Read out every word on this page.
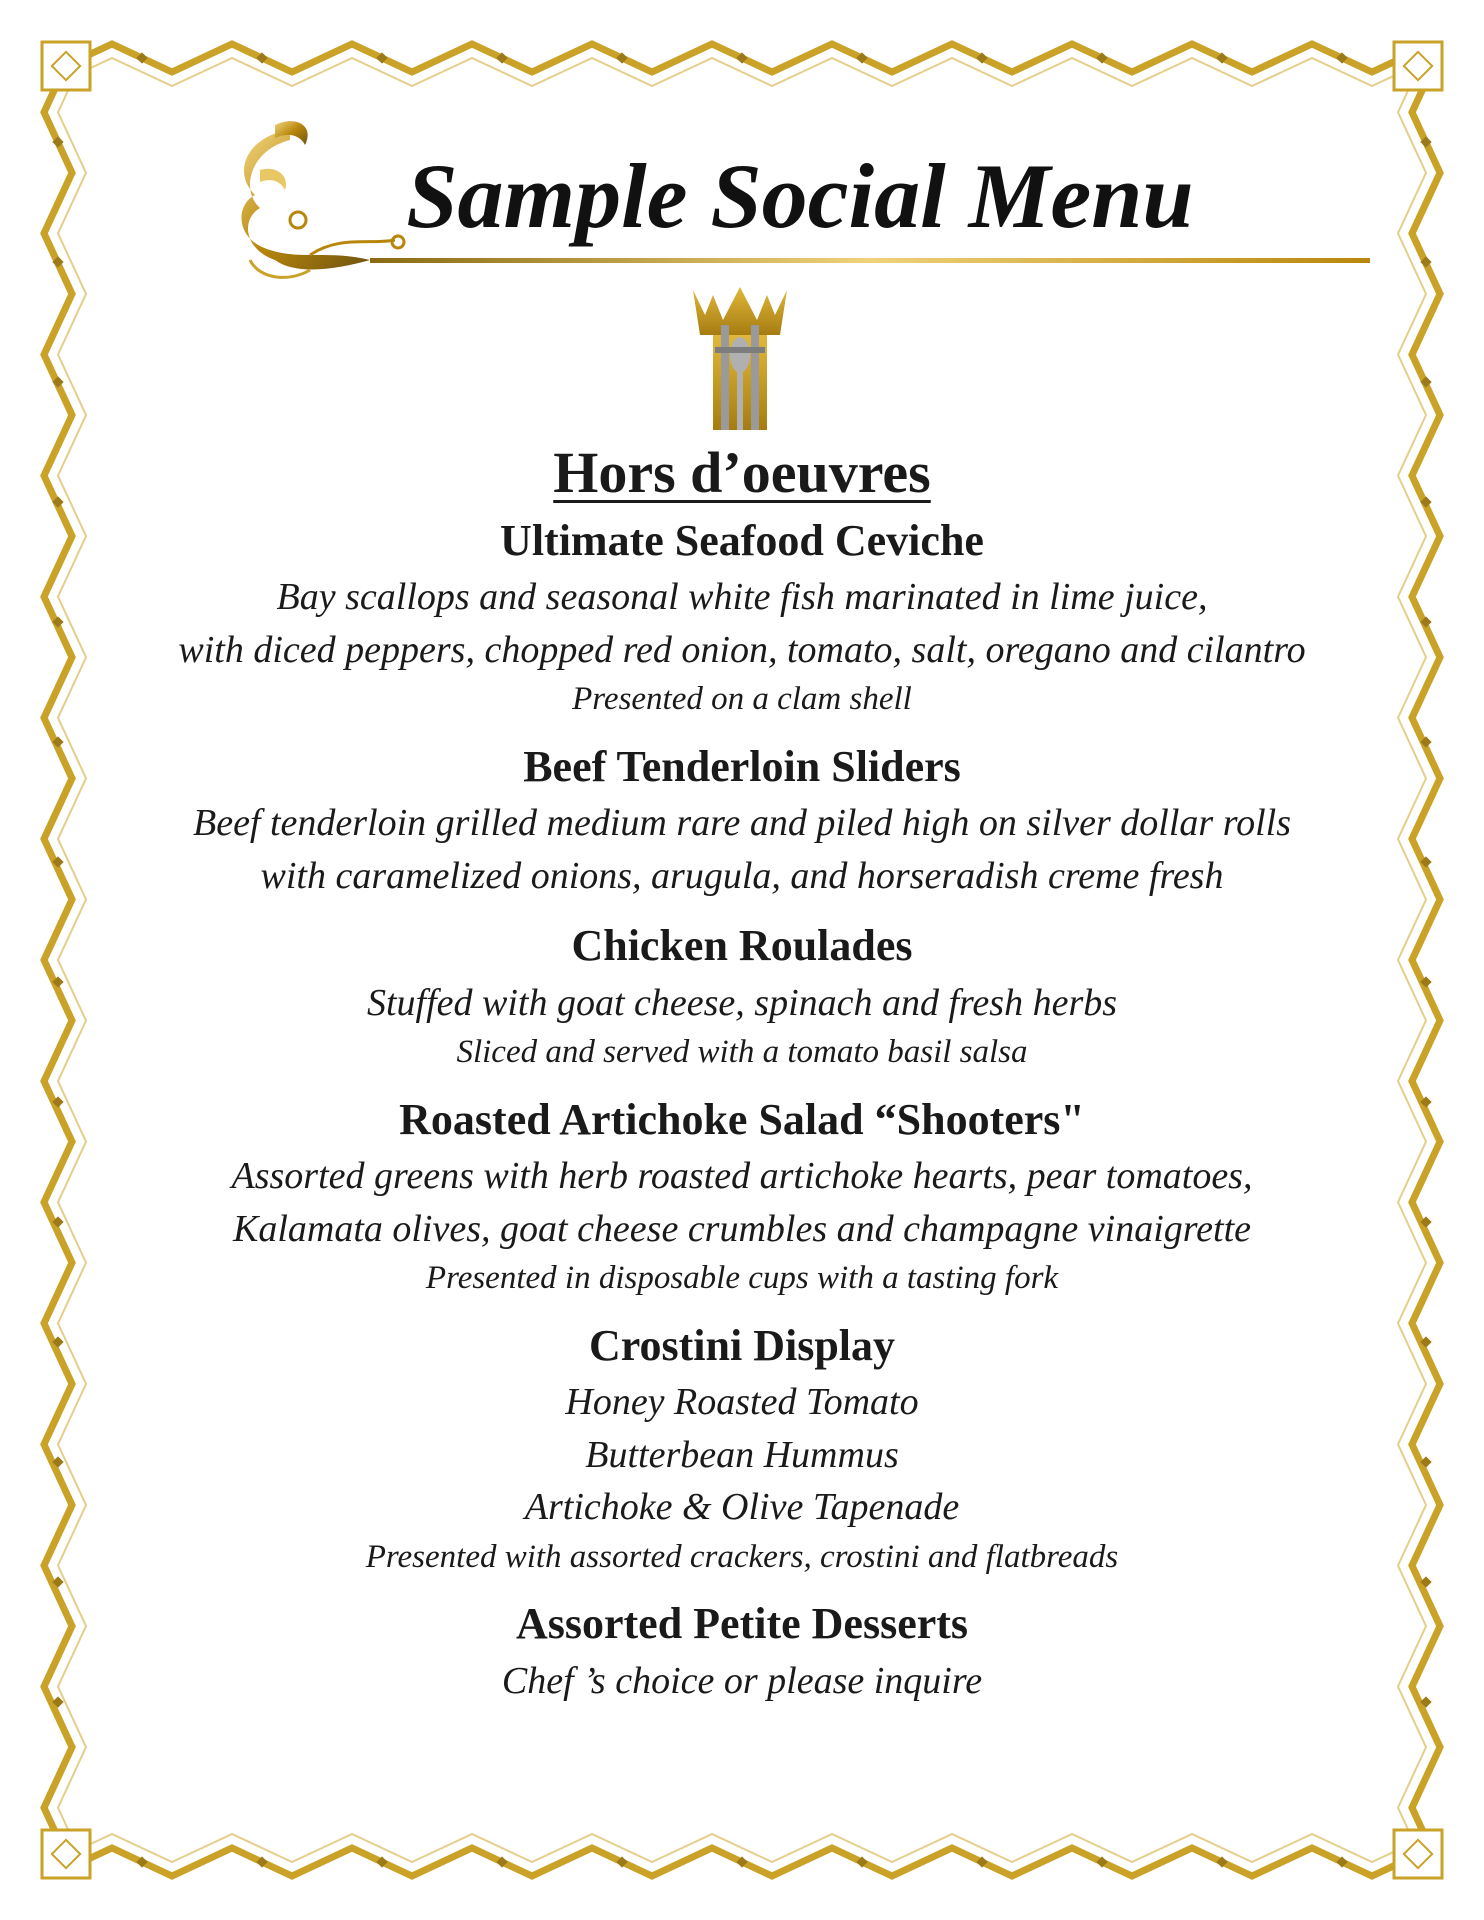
Sample Social Menu
Hors d’oeuvres
Ultimate Seafood Ceviche
Bay scallops and seasonal white fish marinated in lime juice,
with diced peppers, chopped red onion, tomato, salt, oregano and cilantro
Presented on a clam shell
Beef Tenderloin Sliders
Beef tenderloin grilled medium rare and piled high on silver dollar rolls
with caramelized onions, arugula, and horseradish creme fresh
Chicken Roulades
Stuffed with goat cheese, spinach and fresh herbs
Sliced and served with a tomato basil salsa
Roasted Artichoke Salad “Shooters"
Assorted greens with herb roasted artichoke hearts, pear tomatoes,
Kalamata olives, goat cheese crumbles and champagne vinaigrette
Presented in disposable cups with a tasting fork
Crostini Display
Honey Roasted Tomato
Butterbean Hummus
Artichoke & Olive Tapenade
Presented with assorted crackers, crostini and flatbreads
Assorted Petite Desserts
Chef ’s choice or please inquire
